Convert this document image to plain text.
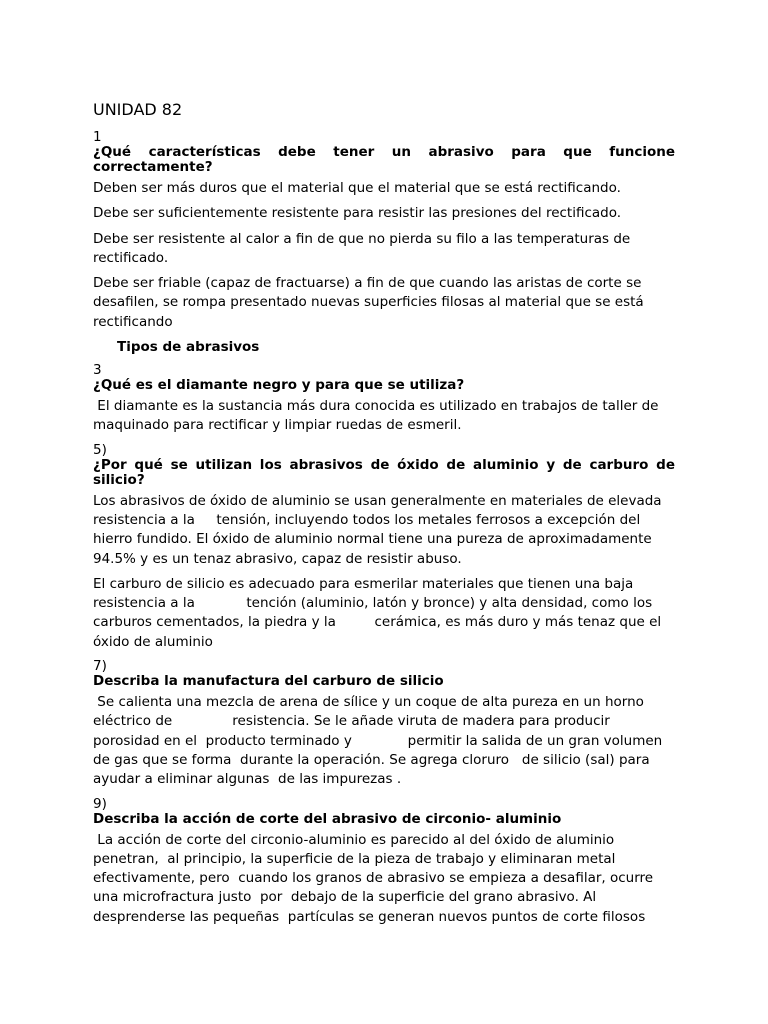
UNIDAD 82
1
¿Qué características debe tener un abrasivo para que funcione correctamente?
Deben ser más duros que el material que el material que se está rectificando.
Debe ser suficientemente resistente para resistir las presiones del rectificado.
Debe ser resistente al calor a fin de que no pierda su filo a las temperaturas de rectificado.
Debe ser friable (capaz de fractuarse) a fin de que cuando las aristas de corte se desafilen, se rompa presentado nuevas superficies filosas al material que se está rectificando
Tipos de abrasivos
3
¿Qué es el diamante negro y para que se utiliza?
El diamante es la sustancia más dura conocida es utilizado en trabajos de taller de  maquinado para rectificar y limpiar ruedas de esmeril.
5)
¿Por qué se utilizan los abrasivos de óxido de aluminio y de carburo de silicio?
Los abrasivos de óxido de aluminio se usan generalmente en materiales de elevada resistencia a la     tensión, incluyendo todos los metales ferrosos a excepción del  hierro fundido. El óxido de aluminio normal tiene una pureza de aproximadamente 94.5% y es un tenaz abrasivo, capaz de resistir abuso.
El carburo de silicio es adecuado para esmerilar materiales que tienen una baja resistencia a la            tención (aluminio, latón y bronce) y alta densidad, como los carburos cementados, la piedra y la         cerámica, es más duro y más tenaz que el óxido de aluminio
7)
Describa la manufactura del carburo de silicio
Se calienta una mezcla de arena de sílice y un coque de alta pureza en un horno eléctrico de              resistencia. Se le añade viruta de madera para producir porosidad en el  producto terminado y             permitir la salida de un gran volumen de gas que se forma  durante la operación. Se agrega cloruro   de silicio (sal) para ayudar a eliminar algunas  de las impurezas .
9)
Describa la acción de corte del abrasivo de circonio- aluminio
La acción de corte del circonio-aluminio es parecido al del óxido de aluminio penetran,  al principio, la superficie de la pieza de trabajo y eliminaran metal efectivamente, pero  cuando los granos de abrasivo se empieza a desafilar, ocurre una microfractura justo  por  debajo de la superficie del grano abrasivo. Al desprenderse las pequeñas  partículas se generan nuevos puntos de corte filosos
